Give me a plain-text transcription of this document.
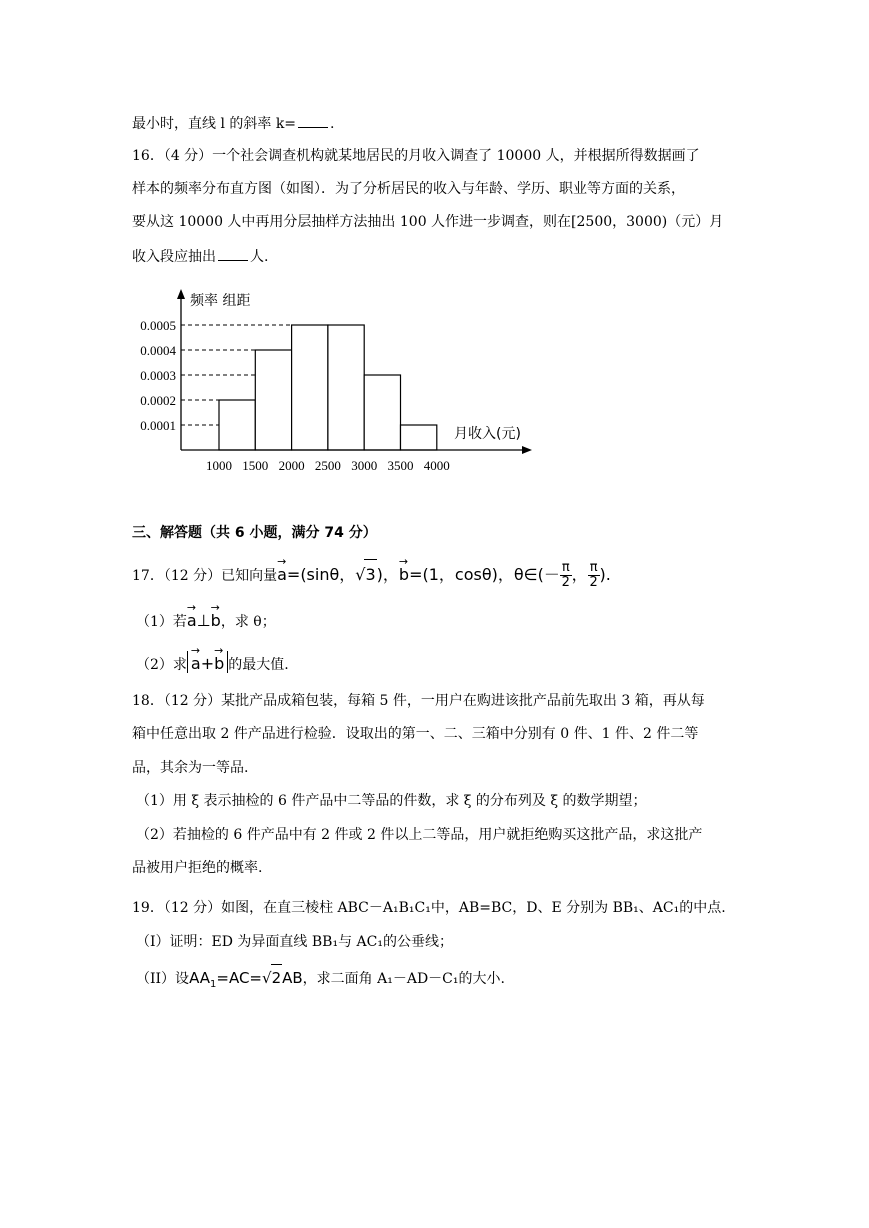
最小时，直线 l 的斜率 k= .
16．（4 分）一个社会调查机构就某地居民的月收入调查了 10000 人，并根据所得数据画了
样本的频率分布直方图（如图）．为了分析居民的收入与年龄、学历、职业等方面的关系，
要从这 10000 人中再用分层抽样方法抽出 100 人作进一步调查，则在[2500，3000)（元）月
收入段应抽出 人.
频率 组距
月收入(元)
0.0001
0.0002
0.0003
0.0004
0.0005
1000 1500 2000 2500 3000 3500 4000
三、解答题（共 6 小题，满分 74 分）
17．（12 分）已知向量→ a=(sinθ，√3)，→ b=(1，cosθ)，θ∈(－ $\frac{\pi}{2}$ ， $\frac{\pi}{2}$ ).
（1）若→ a⊥→ b，求 θ；
（2）求→ a+→ b 的最大值.
18．（12 分）某批产品成箱包装，每箱 5 件，一用户在购进该批产品前先取出 3 箱，再从每
箱中任意出取 2 件产品进行检验．设取出的第一、二、三箱中分别有 0 件、1 件、2 件二等
品，其余为一等品.
（1）用 ξ 表示抽检的 6 件产品中二等品的件数，求 ξ 的分布列及 ξ 的数学期望；
（2）若抽检的 6 件产品中有 2 件或 2 件以上二等品，用户就拒绝购买这批产品，求这批产
品被用户拒绝的概率.
19．（12 分）如图，在直三棱柱 ABC－A₁B₁C₁中，AB=BC，D、E 分别为 BB₁、AC₁的中点.
（I）证明：ED 为异面直线 BB₁与 AC₁的公垂线；
（II）设$AA_1=AC=√2AB$，求二面角 A₁－AD－C₁的大小.
